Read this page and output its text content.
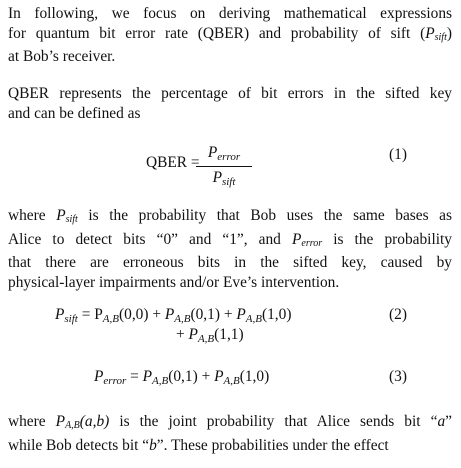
In following, we focus on deriving mathematical expressions
for quantum bit error rate (QBER) and probability of sift $(P_{sift})$
at Bob’s receiver.

QBER represents the percentage of bit errors in the sifted key
and can be defined as

QBER =
Perror
Psift
(1)

where $P_{sift}$ is the probability that Bob uses the same bases as
Alice to detect bits “0” and “1”, and $P_{error}$ is the probability
that there are erroneous bits in the sifted key, caused by
physical-layer impairments and/or Eve’s intervention.

Psift = PA,B(0,0) + PA,B(0,1) + PA,B(1,0)
+ PA,B(1,1)
(2)
Perror = PA,B(0,1) + PA,B(1,0)	(3)

where $P_{A,B}(a,b)$ is the joint probability that Alice sends bit “a”
while Bob detects bit “b”. These probabilities under the effect
